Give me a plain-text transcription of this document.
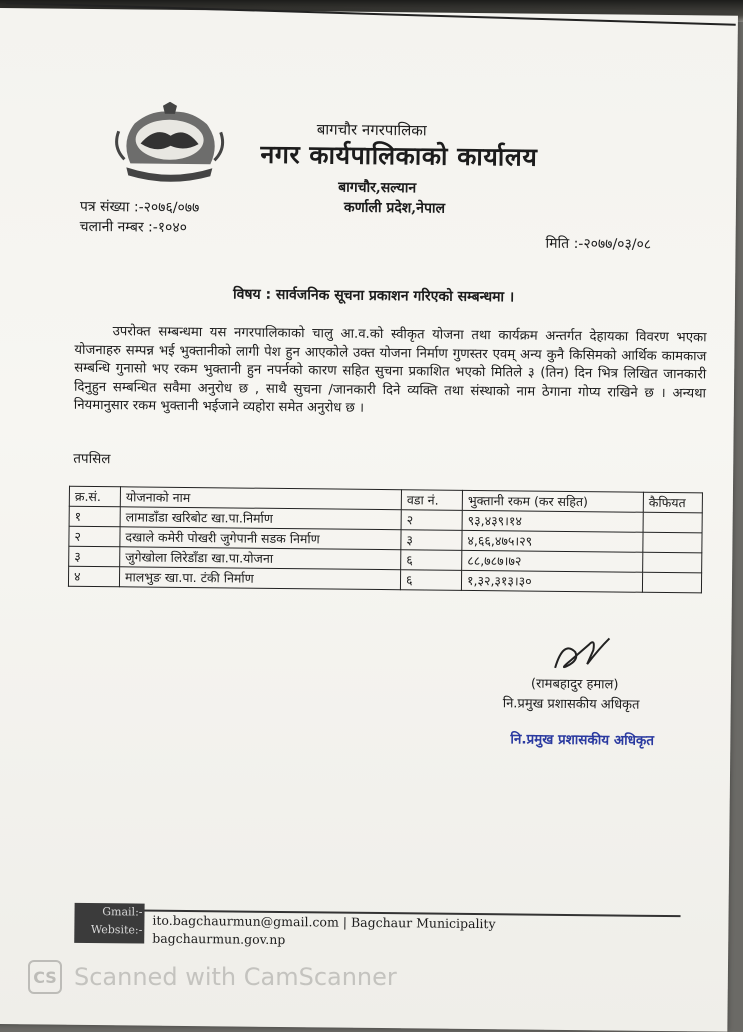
बागचौर नगरपालिका
नगर कार्यपालिकाको कार्यालय
बागचौर,सल्यान
कर्णाली प्रदेश,नेपाल
पत्र संख्या :-२०७६/०७७
चलानी नम्बर :-१०४०
मिति :-२०७७/०३/०८
विषय : सार्वजनिक सूचना प्रकाशन गरिएको सम्बन्धमा ।

उपरोक्त सम्बन्धमा यस नगरपालिकाको चालु आ.व.को स्वीकृत योजना तथा कार्यक्रम अन्तर्गत देहायका विवरण भएका योजनाहरु सम्पन्न भई भुक्तानीको लागी पेश हुन आएकोले उक्त योजना निर्माण गुणस्तर एवम् अन्य कुनै किसिमको आर्थिक कामकाज सम्बन्धि गुनासो भए रकम भुक्तानी हुन नपर्नको कारण सहित सुचना प्रकाशित भएको मितिले ३ (तिन) दिन भित्र लिखित जानकारी दिनुहुन सम्बन्धित सवैमा अनुरोध छ , साथै सुचना /जानकारी दिने व्यक्ति तथा संस्थाको नाम ठेगाना गोप्य राखिने छ । अन्यथा नियमानुसार रकम भुक्तानी भईजाने व्यहोरा समेत अनुरोध छ ।

तपसिल
क्र.सं.	योजनाको नाम	वडा नं.	भुक्तानी रकम (कर सहित)	कैफियत
१	लामाडाँडा खरिबोट खा.पा.निर्माण	२	९३,४३९।१४	
२	दखाले कमेरी पोखरी जुगेपानी सडक निर्माण	३	४,६६,४७५।२९	
३	जुगेखोला लिरेडाँडा खा.पा.योजना	६	८८,७८७।७२	
४	मालभुङ खा.पा. टंकी निर्माण	६	१,३२,३१३।३०	
(रामबहादुर हमाल)
नि.प्रमुख प्रशासकीय अधिकृत
नि.प्रमुख प्रशासकीय अधिकृत
Gmail:-
Website:- ito.bagchaurmun@gmail.com | Bagchaur Municipality
bagchaurmun.gov.np
CS Scanned with CamScanner
